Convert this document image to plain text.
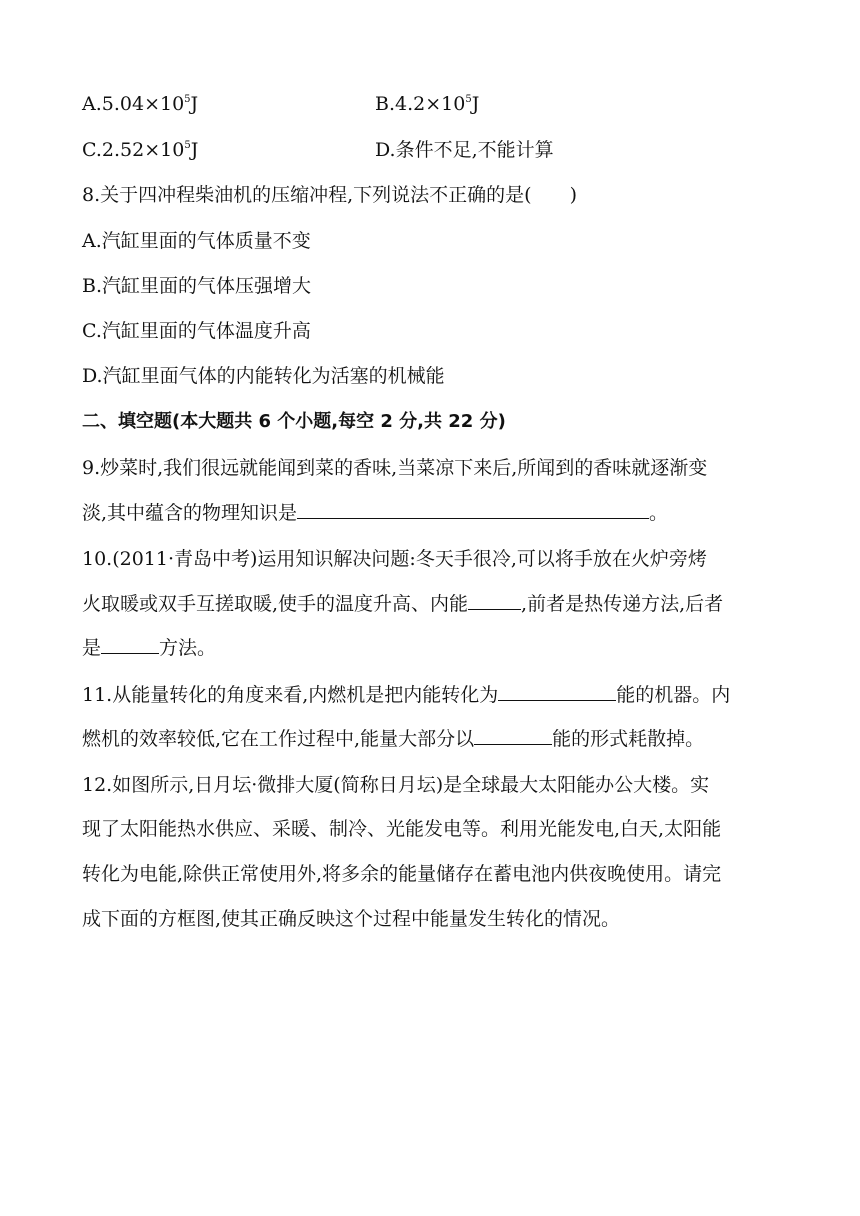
$A.5.04\times 10^5J$	$B.4.2\times 10^5J$
$C.2.52\times 10^5J$	D.条件不足,不能计算
8.关于四冲程柴油机的压缩冲程,下列说法不正确的是(　　)
A.汽缸里面的气体质量不变
B.汽缸里面的气体压强增大
C.汽缸里面的气体温度升高
D.汽缸里面气体的内能转化为活塞的机械能
二、填空题(本大题共 6 个小题,每空 2 分,共 22 分)
9.炒菜时,我们很远就能闻到菜的香味,当菜凉下来后,所闻到的香味就逐渐变
淡,其中蕴含的物理知识是	。
10.(2011·青岛中考)运用知识解决问题:冬天手很冷,可以将手放在火炉旁烤
火取暖或双手互搓取暖,使手的温度升高、内能	,前者是热传递方法,后者
是	方法。
11.从能量转化的角度来看,内燃机是把内能转化为	能的机器。内
燃机的效率较低,它在工作过程中,能量大部分以	能的形式耗散掉。
12.如图所示,日月坛·微排大厦(简称日月坛)是全球最大太阳能办公大楼。实
现了太阳能热水供应、采暖、制冷、光能发电等。利用光能发电,白天,太阳能
转化为电能,除供正常使用外,将多余的能量储存在蓄电池内供夜晚使用。请完
成下面的方框图,使其正确反映这个过程中能量发生转化的情况。
